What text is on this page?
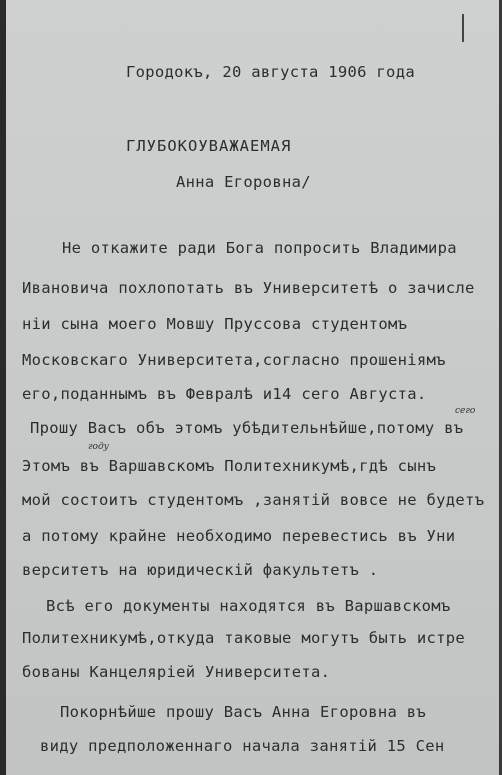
Городокъ, 20 августа 1906 года
ГЛУБОКОУВАЖАЕМАЯ
Анна Егоровна/
Не откажите ради Бога попросить Владимира
Ивановича похлопотать въ Университетѣ о зачисле
нiи сына моего Мовшу Пруссова студентомъ
Московскаго Университета,согласно прошенiямъ
его,поданнымъ въ Февралѣ и14 сего Августа.
Прошу Васъ объ этомъ убѣдительнѣйше,потому въ
Этомъ въ Варшавскомъ Политехникумѣ,гдѣ сынъ
мой состоитъ студентомъ ,занятiй вовсе не будетъ
а потому крайне необходимо перевестись въ Уни
верситетъ на юридическiй факультетъ .
Всѣ его документы находятся въ Варшавскомъ
Политехникумѣ,откуда таковые могутъ быть истре
бованы Канцелярiей Университета.
Покорнѣйше прошу Васъ Анна Егоровна въ
виду предположеннаго начала занятiй 15 Сен
году
сего
